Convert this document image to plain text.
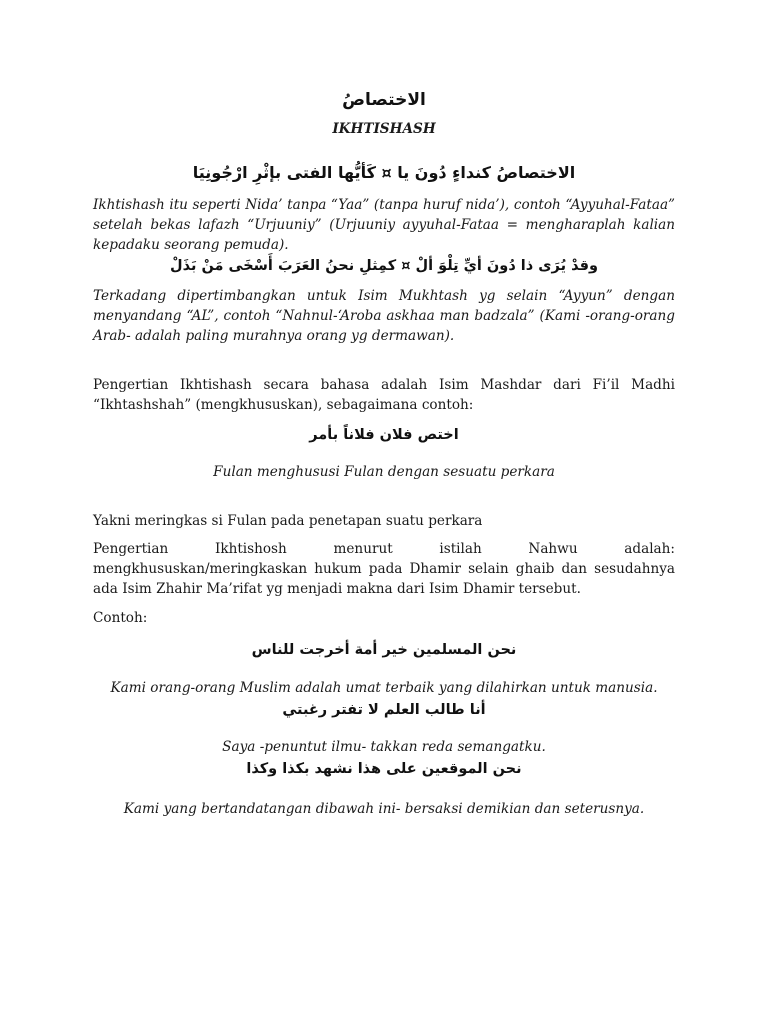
الاختصاصُ
IKHTISHASH
الاختصاصُ كنداءٍ دُونَ يا ¤ كَأيُّها الفتى بإثْرِ ارْجُونِيَا
Ikhtishash itu seperti Nida’ tanpa “Yaa” (tanpa huruf nida’), contoh “Ayyuhal-Fataa” setelah bekas lafazh “Urjuuniy” (Urjuuniy ayyuhal-Fataa = mengharaplah kalian kepadaku seorang pemuda).
وقدْ يُرَى ذا دُونَ أيِّ تِلْوَ ألْ ¤ كمِثلِ نحنُ العَرَبَ أَسْخَى مَنْ بَذَلْ
Terkadang dipertimbangkan untuk Isim Mukhtash yg selain “Ayyun” dengan menyandang “AL”, contoh “Nahnul-‘Aroba askhaa man badzala” (Kami -orang-orang Arab- adalah paling murahnya orang yg dermawan).
Pengertian Ikhtishash secara bahasa adalah Isim Mashdar dari Fi’il Madhi “Ikhtashshah” (mengkhususkan), sebagaimana contoh:
اختص فلان فلاناً بأمر
Fulan menghususi Fulan dengan sesuatu perkara
Yakni meringkas si Fulan pada penetapan suatu perkara
Pengertian Ikhtishosh menurut istilah Nahwu adalah: mengkhususkan/meringkaskan hukum pada Dhamir selain ghaib dan sesudahnya ada Isim Zhahir Ma’rifat yg menjadi makna dari Isim Dhamir tersebut.
Contoh:
نحن المسلمين خير أمة أخرجت للناس
Kami orang-orang Muslim adalah umat terbaik yang dilahirkan untuk manusia.
أنا طالب العلم لا تفتر رغبتي
Saya -penuntut ilmu- takkan reda semangatku.
نحن الموقعين على هذا نشهد بكذا وكذا
Kami yang bertandatangan dibawah ini- bersaksi demikian dan seterusnya.
